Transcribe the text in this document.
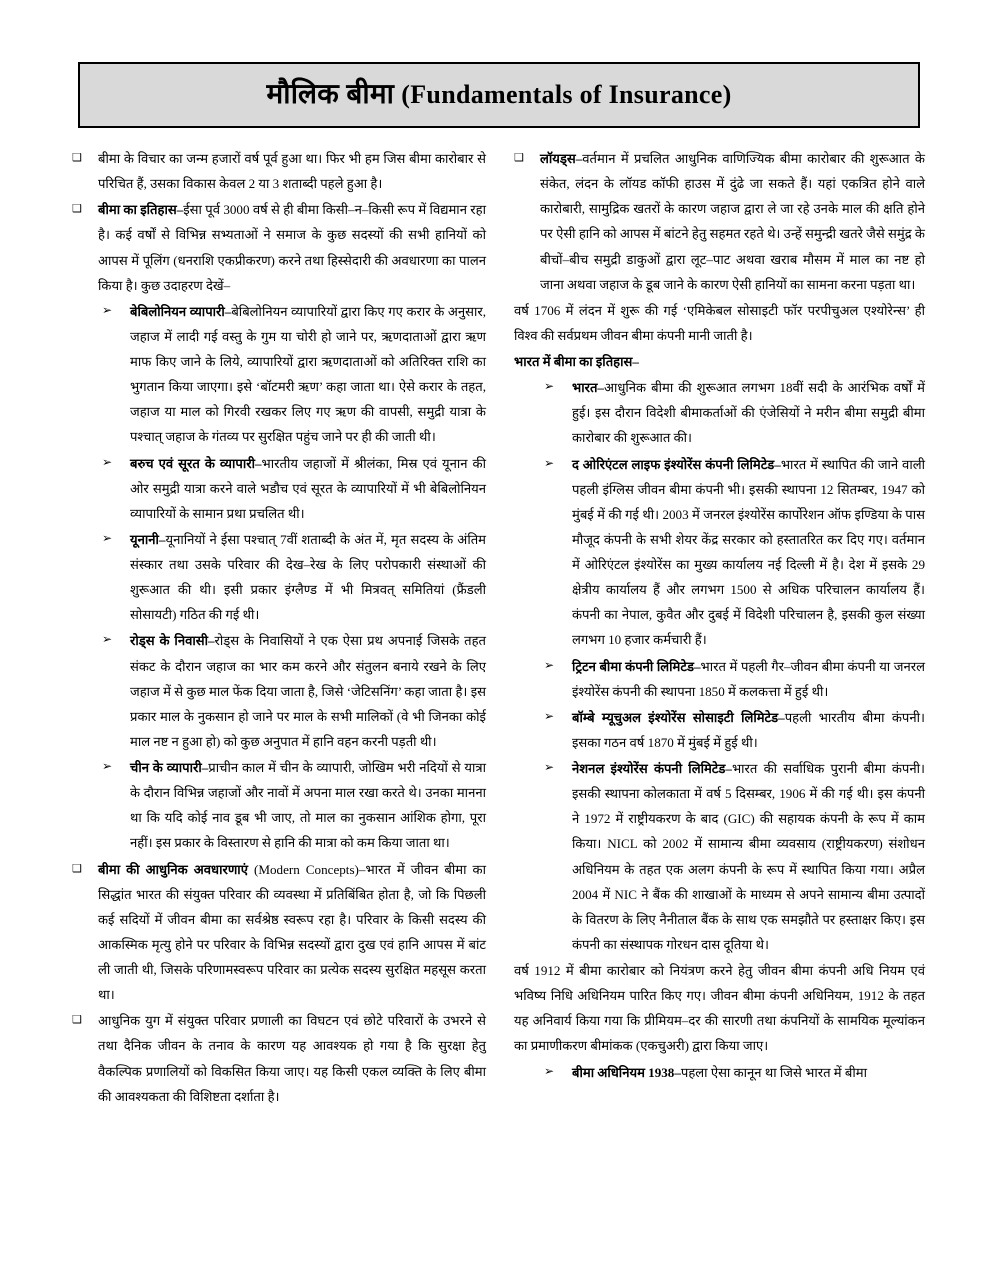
मौलिक बीमा (Fundamentals of Insurance)
❑ बीमा के विचार का जन्म हजारों वर्ष पूर्व हुआ था। फिर भी हम जिस बीमा कारोबार से परिचित हैं, उसका विकास केवल 2 या 3 शताब्दी पहले हुआ है।
❑ बीमा का इतिहास–ईसा पूर्व 3000 वर्ष से ही बीमा किसी–न–किसी रूप में विद्यमान रहा है। कई वर्षों से विभिन्न सभ्यताओं ने समाज के कुछ सदस्यों की सभी हानियों को आपस में पूलिंग (धनराशि एकप्रीकरण) करने तथा हिस्सेदारी की अवधारणा का पालन किया है। कुछ उदाहरण देखें–
➢ बेबिलोनियन व्यापारी–बेबिलोनियन व्यापारियों द्वारा किए गए करार के अनुसार, जहाज में लादी गई वस्तु के गुम या चोरी हो जाने पर, ऋणदाताओं द्वारा ऋण माफ किए जाने के लिये, व्यापारियों द्वारा ऋणदाताओं को अतिरिक्त राशि का भुगतान किया जाएगा। इसे ‘बॉटमरी ऋण’ कहा जाता था। ऐसे करार के तहत, जहाज या माल को गिरवी रखकर लिए गए ऋण की वापसी, समुद्री यात्रा के पश्चात् जहाज के गंतव्य पर सुरक्षित पहुंच जाने पर ही की जाती थी।
➢ बरुच एवं सूरत के व्यापारी–भारतीय जहाजों में श्रीलंका, मिस्र एवं यूनान की ओर समुद्री यात्रा करने वाले भडौच एवं सूरत के व्यापारियों में भी बेबिलोनियन व्यापारियों के सामान प्रथा प्रचलित थी।
➢ यूनानी–यूनानियों ने ईसा पश्चात् 7वीं शताब्दी के अंत में, मृत सदस्य के अंतिम संस्कार तथा उसके परिवार की देख–रेख के लिए परोपकारी संस्थाओं की शुरूआत की थी। इसी प्रकार इंग्लैण्ड में भी मित्रवत् समितियां (फ्रैंडली सोसायटी) गठित की गई थी।
➢ रोड्स के निवासी–रोड्स के निवासियों ने एक ऐसा प्रथ अपनाई जिसके तहत संकट के दौरान जहाज का भार कम करने और संतुलन बनाये रखने के लिए जहाज में से कुछ माल फेंक दिया जाता है, जिसे ‘जेटिसनिंग’ कहा जाता है। इस प्रकार माल के नुकसान हो जाने पर माल के सभी मालिकों (वे भी जिनका कोई माल नष्ट न हुआ हो) को कुछ अनुपात में हानि वहन करनी पड़ती थी।
➢ चीन के व्यापारी–प्राचीन काल में चीन के व्यापारी, जोखिम भरी नदियों से यात्रा के दौरान विभिन्न जहाजों और नावों में अपना माल रखा करते थे। उनका मानना था कि यदि कोई नाव डूब भी जाए, तो माल का नुकसान आंशिक होगा, पूरा नहीं। इस प्रकार के विस्तारण से हानि की मात्रा को कम किया जाता था।
❑ बीमा की आधुनिक अवधारणाएं (Modern Concepts)–भारत में जीवन बीमा का सिद्धांत भारत की संयुक्त परिवार की व्यवस्था में प्रतिबिंबित होता है, जो कि पिछली कई सदियों में जीवन बीमा का सर्वश्रेष्ठ स्वरूप रहा है। परिवार के किसी सदस्य की आकस्मिक मृत्यु होने पर परिवार के विभिन्न सदस्यों द्वारा दुख एवं हानि आपस में बांट ली जाती थी, जिसके परिणामस्वरूप परिवार का प्रत्येक सदस्य सुरक्षित महसूस करता था।
❑ आधुनिक युग में संयुक्त परिवार प्रणाली का विघटन एवं छोटे परिवारों के उभरने से तथा दैनिक जीवन के तनाव के कारण यह आवश्यक हो गया है कि सुरक्षा हेतु वैकल्पिक प्रणालियों को विकसित किया जाए। यह किसी एकल व्यक्ति के लिए बीमा की आवश्यकता की विशिष्टता दर्शाता है।
❑ लॉयड्स–वर्तमान में प्रचलित आधुनिक वाणिज्यिक बीमा कारोबार की शुरूआत के संकेत, लंदन के लॉयड कॉफी हाउस में दुंढे जा सकते हैं। यहां एकत्रित होने वाले कारोबारी, सामुद्रिक खतरों के कारण जहाज द्वारा ले जा रहे उनके माल की क्षति होने पर ऐसी हानि को आपस में बांटने हेतु सहमत रहते थे। उन्हें समुन्द्री खतरे जैसे समुंद्र के बीचों–बीच समुद्री डाकुओं द्वारा लूट–पाट अथवा खराब मौसम में माल का नष्ट हो जाना अथवा जहाज के डूब जाने के कारण ऐसी हानियों का सामना करना पड़ता था।
वर्ष 1706 में लंदन में शुरू की गई ‘एमिकेबल सोसाइटी फॉर परपीचुअल एश्योरेन्स’ ही विश्व की सर्वप्रथम जीवन बीमा कंपनी मानी जाती है।
भारत में बीमा का इतिहास–
➢ भारत–आधुनिक बीमा की शुरूआत लगभग 18वीं सदी के आरंभिक वर्षों में हुई। इस दौरान विदेशी बीमाकर्ताओं की एंजेसियों ने मरीन बीमा समुद्री बीमा कारोबार की शुरूआत की।
➢ द ओरिएंटल लाइफ इंश्योरेंस कंपनी लिमिटेड–भारत में स्थापित की जाने वाली पहली इंग्लिस जीवन बीमा कंपनी भी। इसकी स्थापना 12 सितम्बर, 1947 को मुंबई में की गई थी। 2003 में जनरल इंश्योरेंस कार्पोरेशन ऑफ इण्डिया के पास मौजूद कंपनी के सभी शेयर केंद्र सरकार को हस्तातरित कर दिए गए। वर्तमान में ओरिएंटल इंश्योरेंस का मुख्य कार्यालय नई दिल्ली में है। देश में इसके 29 क्षेत्रीय कार्यालय हैं और लगभग 1500 से अधिक परिचालन कार्यालय हैं। कंपनी का नेपाल, कुवैत और दुबई में विदेशी परिचालन है, इसकी कुल संख्या लगभग 10 हजार कर्मचारी हैं।
➢ ट्रिटन बीमा कंपनी लिमिटेड–भारत में पहली गैर–जीवन बीमा कंपनी या जनरल इंश्योरेंस कंपनी की स्थापना 1850 में कलकत्ता में हुई थी।
➢ बॉम्बे म्यूचुअल इंश्योरेंस सोसाइटी लिमिटेड–पहली भारतीय बीमा कंपनी। इसका गठन वर्ष 1870 में मुंबई में हुई थी।
➢ नेशनल इंश्योरेंस कंपनी लिमिटेड–भारत की सर्वाधिक पुरानी बीमा कंपनी। इसकी स्थापना कोलकाता में वर्ष 5 दिसम्बर, 1906 में की गई थी। इस कंपनी ने 1972 में राष्ट्रीयकरण के बाद (GIC) की सहायक कंपनी के रूप में काम किया। NICL को 2002 में सामान्य बीमा व्यवसाय (राष्ट्रीयकरण) संशोधन अधिनियम के तहत एक अलग कंपनी के रूप में स्थापित किया गया। अप्रैल 2004 में NIC ने बैंक की शाखाओं के माध्यम से अपने सामान्य बीमा उत्पादों के वितरण के लिए नैनीताल बैंक के साथ एक समझौते पर हस्ताक्षर किए। इस कंपनी का संस्थापक गोरधन दास दूतिया थे।
वर्ष 1912 में बीमा कारोबार को नियंत्रण करने हेतु जीवन बीमा कंपनी अधि नियम एवं भविष्य निधि अधिनियम पारित किए गए। जीवन बीमा कंपनी अधिनियम, 1912 के तहत यह अनिवार्य किया गया कि प्रीमियम–दर की सारणी तथा कंपनियों के सामयिक मूल्यांकन का प्रमाणीकरण बीमांकक (एकचुअरी) द्वारा किया जाए।
➢ बीमा अधिनियम 1938–पहला ऐसा कानून था जिसे भारत में बीमा
